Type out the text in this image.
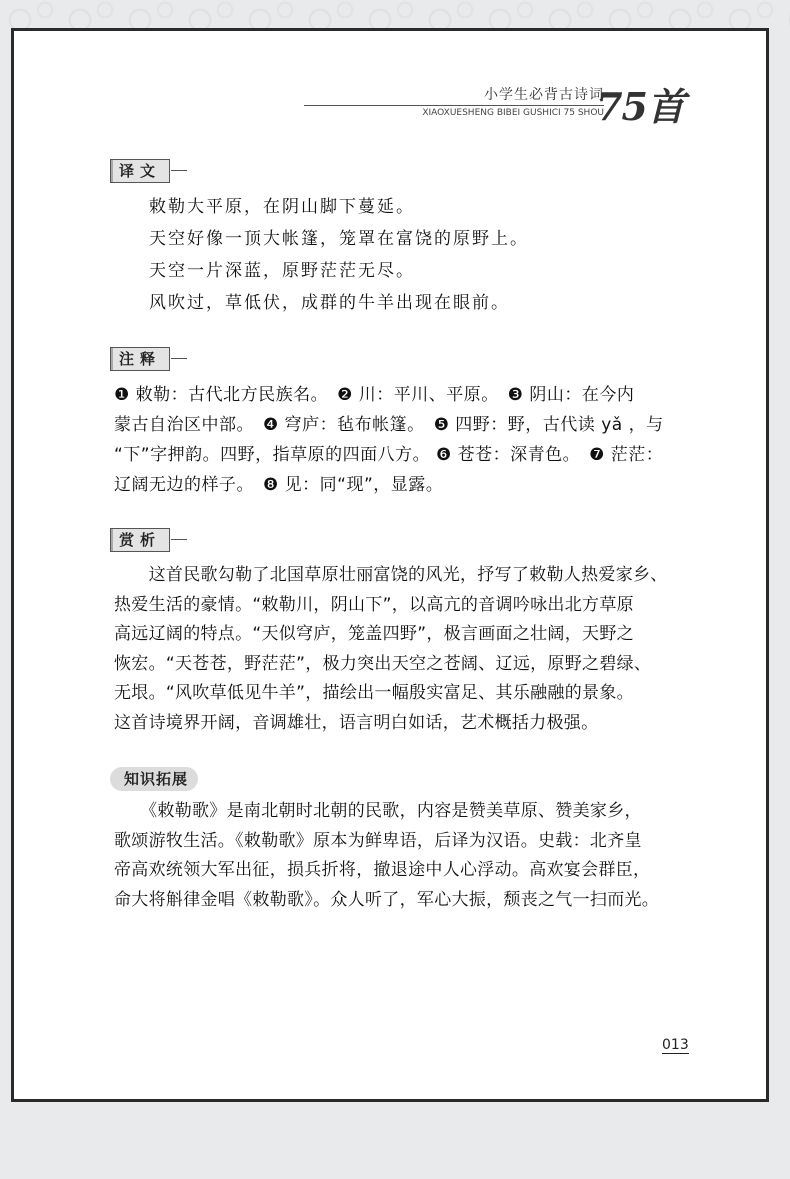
小学生必背古诗词
XIAOXUESHENG BIBEI GUSHICI 75 SHOU
75首
译文
敕勒大平原，在阴山脚下蔓延。
天空好像一顶大帐篷，笼罩在富饶的原野上。
天空一片深蓝，原野茫茫无尽。
风吹过，草低伏，成群的牛羊出现在眼前。
注释
❶ 敕勒：古代北方民族名。　❷ 川：平川、平原。　❸ 阴山：在今内
蒙古自治区中部。　❹ 穹庐：毡布帐篷。　❺ 四野：野，古代读 yǎ ，与
“下”字押韵。四野，指草原的四面八方。 ❻ 苍苍：深青色。　❼ 茫茫：
辽阔无边的样子。　❽ 见：同“现”，显露。
赏析
　　这首民歌勾勒了北国草原壮丽富饶的风光，抒写了敕勒人热爱家乡、
热爱生活的豪情。“敕勒川，阴山下”，以高亢的音调吟咏出北方草原
高远辽阔的特点。“天似穹庐，笼盖四野”，极言画面之壮阔，天野之
恢宏。“天苍苍，野茫茫”，极力突出天空之苍阔、辽远，原野之碧绿、
无垠。“风吹草低见牛羊”，描绘出一幅殷实富足、其乐融融的景象。
这首诗境界开阔，音调雄壮，语言明白如话，艺术概括力极强。
知识拓展
　　《敕勒歌》是南北朝时北朝的民歌，内容是赞美草原、赞美家乡，
歌颂游牧生活。《敕勒歌》原本为鲜卑语，后译为汉语。史载：北齐皇
帝高欢统领大军出征，损兵折将，撤退途中人心浮动。高欢宴会群臣，
命大将斛律金唱《敕勒歌》。众人听了，军心大振，颓丧之气一扫而光。
013
